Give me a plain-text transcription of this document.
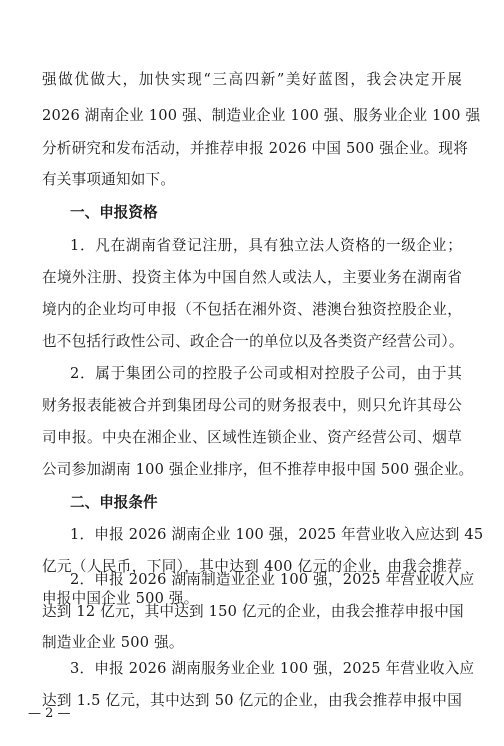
强做优做大，加快实现“三高四新”美好蓝图，我会决定开展
2026 湖南企业 100 强、制造业企业 100 强、服务业企业 100 强
分析研究和发布活动，并推荐申报 2026 中国 500 强企业。现将
有关事项通知如下。
一、申报资格
1．凡在湖南省登记注册，具有独立法人资格的一级企业；
在境外注册、投资主体为中国自然人或法人，主要业务在湖南省
境内的企业均可申报（不包括在湘外资、港澳台独资控股企业，
也不包括行政性公司、政企合一的单位以及各类资产经营公司）。
2．属于集团公司的控股子公司或相对控股子公司，由于其
财务报表能被合并到集团母公司的财务报表中，则只允许其母公
司申报。中央在湘企业、区域性连锁企业、资产经营公司、烟草
公司参加湖南 100 强企业排序，但不推荐申报中国 500 强企业。
二、申报条件
1．申报 2026 湖南企业 100 强，2025 年营业收入应达到 45
亿元（人民币，下同），其中达到 400 亿元的企业，由我会推荐
申报中国企业 500 强。
2．申报 2026 湖南制造业企业 100 强，2025 年营业收入应
达到 12 亿元，其中达到 150 亿元的企业，由我会推荐申报中国
制造业企业 500 强。
— 2 —
3．申报 2026 湖南服务业企业 100 强，2025 年营业收入应
达到 1.5 亿元，其中达到 50 亿元的企业，由我会推荐申报中国
